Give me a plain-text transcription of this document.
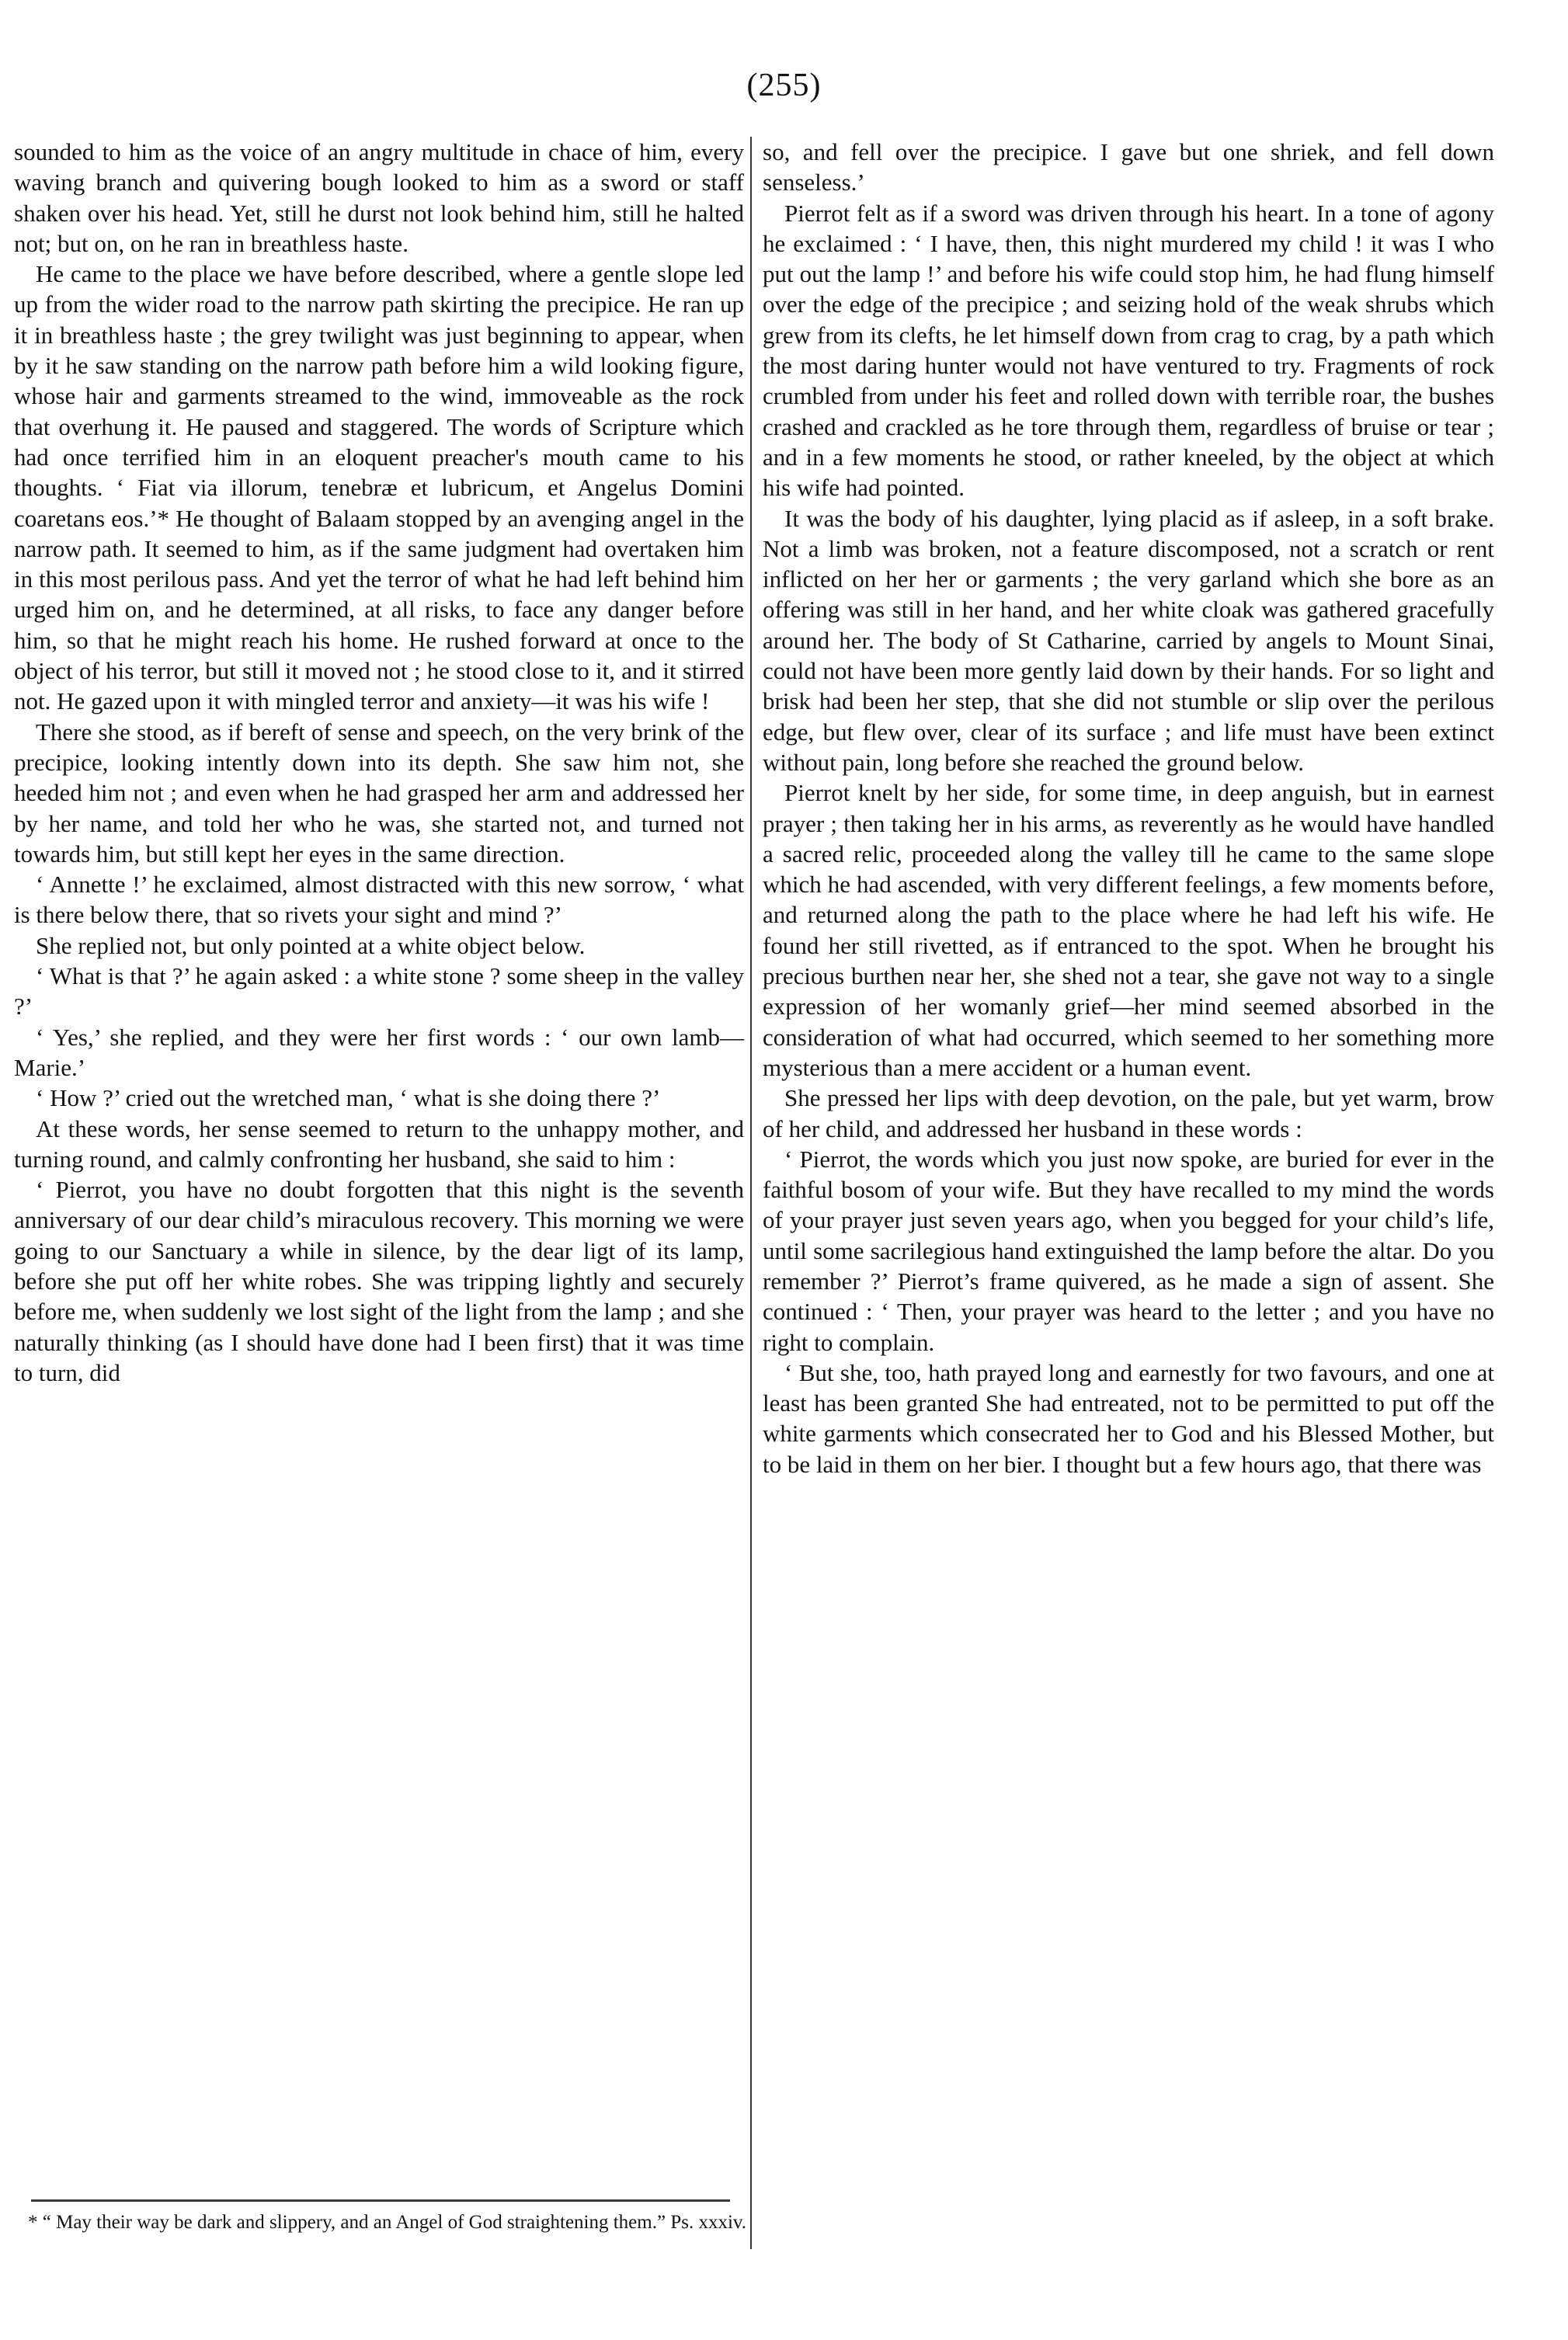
(255)

sounded to him as the voice of an angry multitude in chace of him, every waving branch and quivering bough looked to him as a sword or staff shaken over his head. Yet, still he durst not look behind him, still he halted not; but on, on he ran in breathless haste.

He came to the place we have before described, where a gentle slope led up from the wider road to the narrow path skirting the precipice. He ran up it in breathless haste ; the grey twilight was just beginning to appear, when by it he saw standing on the narrow path before him a wild looking figure, whose hair and garments streamed to the wind, immoveable as the rock that overhung it. He paused and staggered. The words of Scripture which had once terrified him in an eloquent preacher's mouth came to his thoughts. ‘ Fiat via illorum, tenebræ et lubricum, et Angelus Domini coaretans eos.’* He thought of Balaam stopped by an avenging angel in the narrow path. It seemed to him, as if the same judgment had overtaken him in this most perilous pass. And yet the terror of what he had left behind him urged him on, and he determined, at all risks, to face any danger before him, so that he might reach his home. He rushed forward at once to the object of his terror, but still it moved not ; he stood close to it, and it stirred not. He gazed upon it with mingled terror and anxiety—it was his wife !

There she stood, as if bereft of sense and speech, on the very brink of the precipice, looking intently down into its depth. She saw him not, she heeded him not ; and even when he had grasped her arm and addressed her by her name, and told her who he was, she started not, and turned not towards him, but still kept her eyes in the same direction.

‘ Annette !’ he exclaimed, almost distracted with this new sorrow, ‘ what is there below there, that so rivets your sight and mind ?’

She replied not, but only pointed at a white object below.

‘ What is that ?’ he again asked : a white stone ? some sheep in the valley ?’

‘ Yes,’ she replied, and they were her first words : ‘ our own lamb—Marie.’

‘ How ?’ cried out the wretched man, ‘ what is she doing there ?’

At these words, her sense seemed to return to the unhappy mother, and turning round, and calmly confronting her husband, she said to him :

‘ Pierrot, you have no doubt forgotten that this night is the seventh anniversary of our dear child’s miraculous recovery. This morning we were going to our Sanctuary a while in silence, by the dear ligt of its lamp, before she put off her white robes. She was tripping lightly and securely before me, when suddenly we lost sight of the light from the lamp ; and she naturally thinking (as I should have done had I been first) that it was time to turn, did

so, and fell over the precipice. I gave but one shriek, and fell down senseless.’

Pierrot felt as if a sword was driven through his heart. In a tone of agony he exclaimed : ‘ I have, then, this night murdered my child ! it was I who put out the lamp !’ and before his wife could stop him, he had flung himself over the edge of the precipice ; and seizing hold of the weak shrubs which grew from its clefts, he let himself down from crag to crag, by a path which the most daring hunter would not have ventured to try. Fragments of rock crumbled from under his feet and rolled down with terrible roar, the bushes crashed and crackled as he tore through them, regardless of bruise or tear ; and in a few moments he stood, or rather kneeled, by the object at which his wife had pointed.

It was the body of his daughter, lying placid as if asleep, in a soft brake. Not a limb was broken, not a feature discomposed, not a scratch or rent inflicted on her her or garments ; the very garland which she bore as an offering was still in her hand, and her white cloak was gathered gracefully around her. The body of St Catharine, carried by angels to Mount Sinai, could not have been more gently laid down by their hands. For so light and brisk had been her step, that she did not stumble or slip over the perilous edge, but flew over, clear of its surface ; and life must have been extinct without pain, long before she reached the ground below.

Pierrot knelt by her side, for some time, in deep anguish, but in earnest prayer ; then taking her in his arms, as reverently as he would have handled a sacred relic, proceeded along the valley till he came to the same slope which he had ascended, with very different feelings, a few moments before, and returned along the path to the place where he had left his wife. He found her still rivetted, as if entranced to the spot. When he brought his precious burthen near her, she shed not a tear, she gave not way to a single expression of her womanly grief—her mind seemed absorbed in the consideration of what had occurred, which seemed to her something more mysterious than a mere accident or a human event.

She pressed her lips with deep devotion, on the pale, but yet warm, brow of her child, and addressed her husband in these words :

‘ Pierrot, the words which you just now spoke, are buried for ever in the faithful bosom of your wife. But they have recalled to my mind the words of your prayer just seven years ago, when you begged for your child’s life, until some sacrilegious hand extinguished the lamp before the altar. Do you remember ?’ Pierrot’s frame quivered, as he made a sign of assent. She continued : ‘ Then, your prayer was heard to the letter ; and you have no right to complain.

‘ But she, too, hath prayed long and earnestly for two favours, and one at least has been granted She had entreated, not to be permitted to put off the white garments which consecrated her to God and his Blessed Mother, but to be laid in them on her bier. I thought but a few hours ago, that there was

* “ May their way be dark and slippery, and an Angel of God straightening them.” Ps. xxxiv.
